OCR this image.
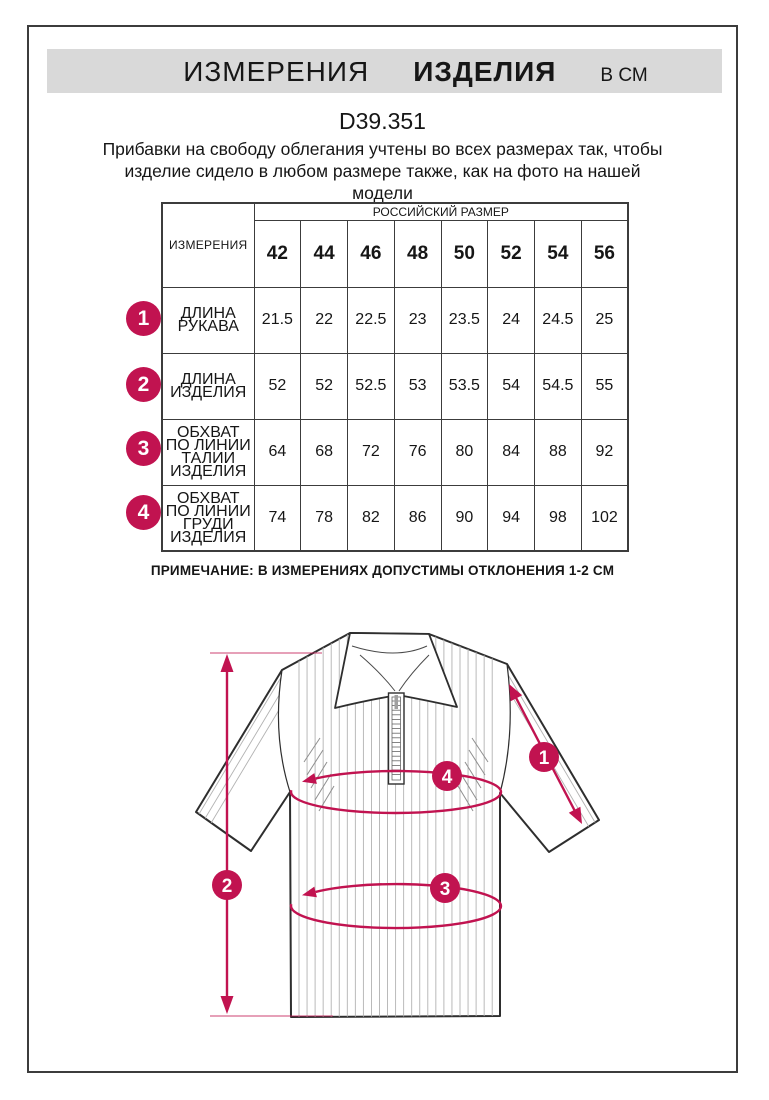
ИЗМЕРЕНИЯ ИЗДЕЛИЯ В СМ
D39.351
Прибавки на свободу облегания учтены во всех размерах так, чтобы
изделие сидело в любом размере также, как на фото на нашей
модели
ИЗМЕРЕНИЯ	РОССИЙСКИЙ РАЗМЕР							
	42	44	46	48	50	52	54	56
ДЛИНА РУКАВА	21.5	22	22.5	23	23.5	24	24.5	25
ДЛИНА ИЗДЕЛИЯ	52	52	52.5	53	53.5	54	54.5	55
ОБХВАТ ПО ЛИНИИ ТАЛИИ ИЗДЕЛИЯ	64	68	72	76	80	84	88	92
ОБХВАТ ПО ЛИНИИ ГРУДИ ИЗДЕЛИЯ	74	78	82	86	90	94	98	102
1
2
3
4
ПРИМЕЧАНИЕ: В ИЗМЕРЕНИЯХ ДОПУСТИМЫ ОТКЛОНЕНИЯ 1-2 СМ
1
2	3
4
